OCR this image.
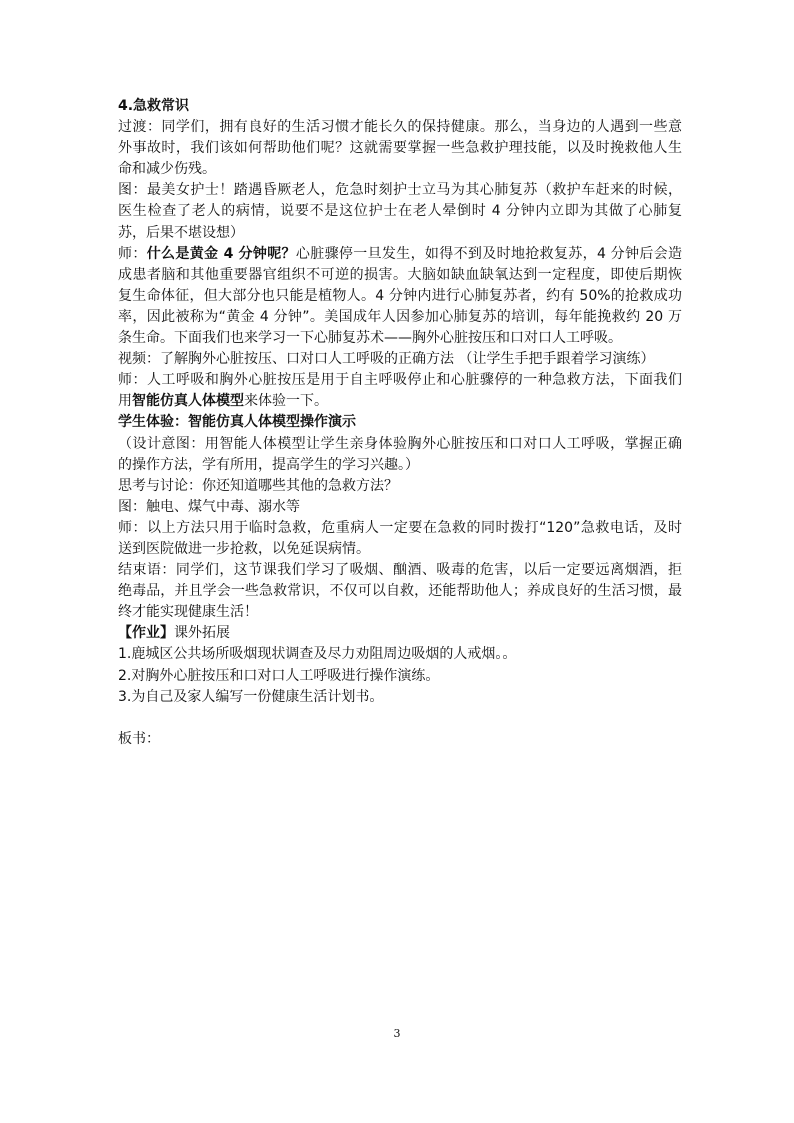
4.急救常识
过渡：同学们，拥有良好的生活习惯才能长久的保持健康。那么，当身边的人遇到一些意
外事故时，我们该如何帮助他们呢？这就需要掌握一些急救护理技能，以及时挽救他人生
命和减少伤残。
图：最美女护士！踏遇昏厥老人，危急时刻护士立马为其心肺复苏（救护车赶来的时候，
医生检查了老人的病情，说要不是这位护士在老人晕倒时 4 分钟内立即为其做了心肺复
苏，后果不堪设想）
师：什么是黄金 4 分钟呢？心脏骤停一旦发生，如得不到及时地抢救复苏，4 分钟后会造
成患者脑和其他重要器官组织不可逆的损害。大脑如缺血缺氧达到一定程度，即使后期恢
复生命体征，但大部分也只能是植物人。4 分钟内进行心肺复苏者，约有 50%的抢救成功
率，因此被称为“黄金 4 分钟”。美国成年人因参加心肺复苏的培训，每年能挽救约 20 万
条生命。下面我们也来学习一下心肺复苏术——胸外心脏按压和口对口人工呼吸。
视频：了解胸外心脏按压、口对口人工呼吸的正确方法 （让学生手把手跟着学习演练）
师：人工呼吸和胸外心脏按压是用于自主呼吸停止和心脏骤停的一种急救方法，下面我们
用智能仿真人体模型来体验一下。
学生体验：智能仿真人体模型操作演示
（设计意图：用智能人体模型让学生亲身体验胸外心脏按压和口对口人工呼吸，掌握正确
的操作方法，学有所用，提高学生的学习兴趣。）
思考与讨论：你还知道哪些其他的急救方法？
图：触电、煤气中毒、溺水等
师：以上方法只用于临时急救，危重病人一定要在急救的同时拨打“120”急救电话，及时
送到医院做进一步抢救，以免延误病情。
结束语：同学们，这节课我们学习了吸烟、酗酒、吸毒的危害，以后一定要远离烟酒，拒
绝毒品，并且学会一些急救常识，不仅可以自救，还能帮助他人；养成良好的生活习惯，最
终才能实现健康生活！
【作业】课外拓展
1.鹿城区公共场所吸烟现状调查及尽力劝阻周边吸烟的人戒烟。。
2.对胸外心脏按压和口对口人工呼吸进行操作演练。
3.为自己及家人编写一份健康生活计划书。
板书：
3
